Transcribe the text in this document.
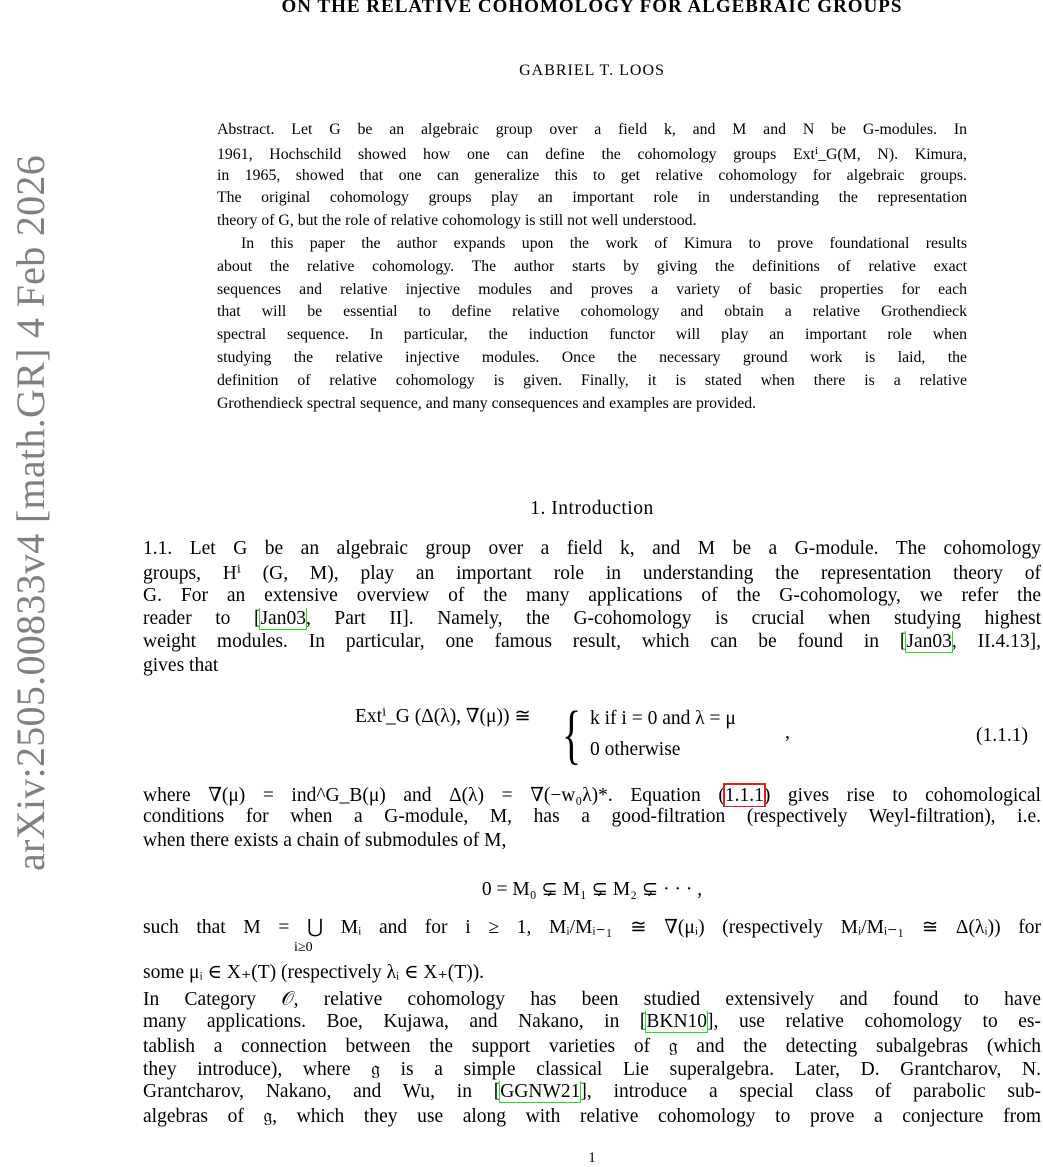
arXiv:2505.00833v4 [math.GR] 4 Feb 2026
ON THE RELATIVE COHOMOLOGY FOR ALGEBRAIC GROUPS
GABRIEL T. LOOS
Abstract. Let G be an algebraic group over a field k, and M and N be G-modules. In
1961, Hochschild showed how one can define the cohomology groups Extⁱ_G(M, N). Kimura,
in 1965, showed that one can generalize this to get relative cohomology for algebraic groups.
The original cohomology groups play an important role in understanding the representation
theory of G, but the role of relative cohomology is still not well understood.
In this paper the author expands upon the work of Kimura to prove foundational results
about the relative cohomology. The author starts by giving the definitions of relative exact
sequences and relative injective modules and proves a variety of basic properties for each
that will be essential to define relative cohomology and obtain a relative Grothendieck
spectral sequence. In particular, the induction functor will play an important role when
studying the relative injective modules. Once the necessary ground work is laid, the
definition of relative cohomology is given. Finally, it is stated when there is a relative
Grothendieck spectral sequence, and many consequences and examples are provided.
1. Introduction
1.1. Let G be an algebraic group over a field k, and M be a G-module. The cohomology
groups, Hⁱ (G, M), play an important role in understanding the representation theory of
G. For an extensive overview of the many applications of the G-cohomology, we refer the
reader to [Jan03, Part II]. Namely, the G-cohomology is crucial when studying highest
weight modules. In particular, one famous result, which can be found in [Jan03, II.4.13],
gives that
Extⁱ_G (Δ(λ), ∇(μ)) ≅ { k if i = 0 and λ = μ
0 otherwise
,	(1.1.1)
where ∇(μ) = ind^G_B(μ) and Δ(λ) = ∇(−w₀λ)*. Equation (1.1.1) gives rise to cohomological
conditions for when a G-module, M, has a good-filtration (respectively Weyl-filtration), i.e.
when there exists a chain of submodules of M,
0 = M₀ ⊊ M₁ ⊊ M₂ ⊊ · · · ,
such that M = ⋃ Mᵢ and for i ≥ 1, Mᵢ/Mᵢ₋₁ ≅ ∇(μᵢ) (respectively Mᵢ/Mᵢ₋₁ ≅ Δ(λᵢ)) for
i≥0
some μᵢ ∈ X₊(T) (respectively λᵢ ∈ X₊(T)).
In Category 𝒪, relative cohomology has been studied extensively and found to have
many applications. Boe, Kujawa, and Nakano, in [BKN10], use relative cohomology to es-
tablish a connection between the support varieties of 𝔤 and the detecting subalgebras (which
they introduce), where 𝔤 is a simple classical Lie superalgebra. Later, D. Grantcharov, N.
Grantcharov, Nakano, and Wu, in [GGNW21], introduce a special class of parabolic sub-
algebras of 𝔤, which they use along with relative cohomology to prove a conjecture from
1
